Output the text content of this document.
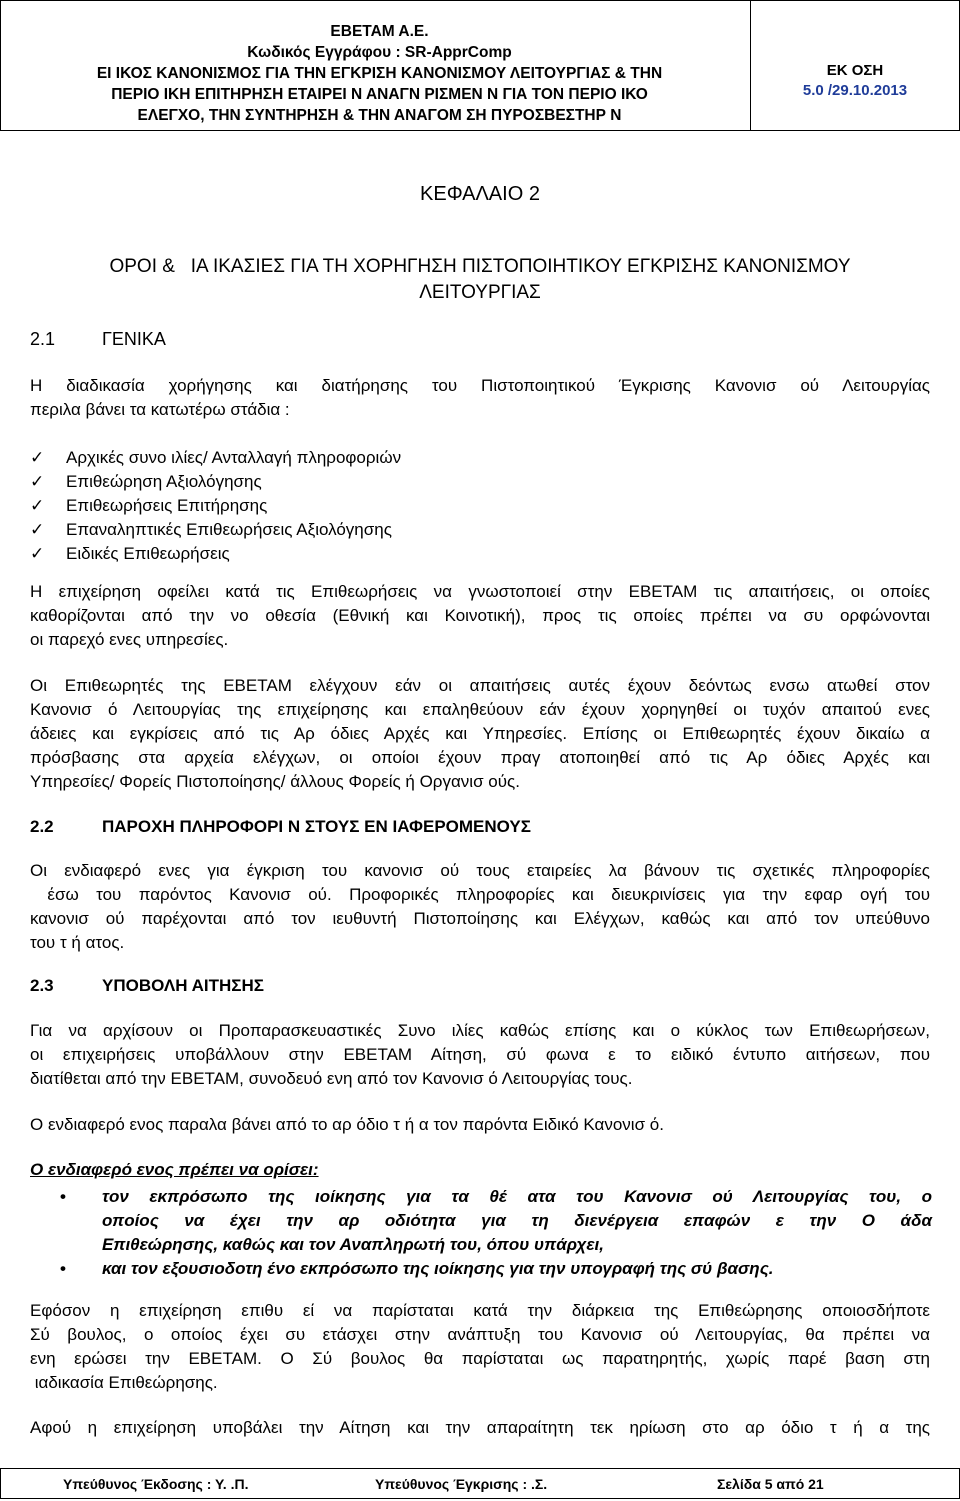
ΕΒΕΤΑΜ Α.Ε.
Κωδικός Εγγράφου : SR-ApprComp
ΕΙ ΙΚΟΣ ΚΑΝΟΝΙΣΜΟΣ ΓΙΑ ΤΗΝ ΕΓΚΡΙΣΗ ΚΑΝΟΝΙΣΜΟΥ ΛΕΙΤΟΥΡΓΙΑΣ & ΤΗΝ
ΠΕΡΙΟ ΙΚΗ ΕΠΙΤΗΡΗΣΗ ΕΤΑΙΡΕΙ Ν ΑΝΑΓΝ ΡΙΣΜΕΝ Ν ΓΙΑ ΤΟΝ ΠΕΡΙΟ ΙΚΟ
ΕΛΕΓΧΟ, ΤΗΝ ΣΥΝΤΗΡΗΣΗ & ΤΗΝ ΑΝΑΓΟΜ ΣΗ ΠΥΡΟΣΒΕΣΤΗΡ Ν
ΕΚ ΟΣΗ
5.0 /29.10.2013
ΚΕΦΑΛΑΙΟ 2
ΟΡΟΙ &   ΙΑ ΙΚΑΣΙΕΣ ΓΙΑ ΤΗ ΧΟΡΗΓΗΣΗ ΠΙΣΤΟΠΟΙΗΤΙΚΟΥ ΕΓΚΡΙΣΗΣ ΚΑΝΟΝΙΣΜΟΥ
ΛΕΙΤΟΥΡΓΙΑΣ
2.1	ΓΕΝΙΚΑ
Η διαδικασία χορήγησης και διατήρησης του Πιστοποιητικού Έγκρισης Κανονισ ού Λειτουργίας
περιλα βάνει τα κατωτέρω στάδια :
✓ Αρχικές συνο ιλίες/ Ανταλλαγή πληροφοριών
✓ Επιθεώρηση Αξιολόγησης
✓ Επιθεωρήσεις Επιτήρησης
✓ Επαναληπτικές Επιθεωρήσεις Αξιολόγησης
✓ Ειδικές Επιθεωρήσεις
Η επιχείρηση οφείλει κατά τις Επιθεωρήσεις να γνωστοποιεί στην ΕΒΕΤΑΜ τις απαιτήσεις, οι οποίες
καθορίζονται από την νο οθεσία (Εθνική και Κοινοτική), προς τις οποίες πρέπει να συ ορφώνονται
οι παρεχό ενες υπηρεσίες.
Οι Επιθεωρητές της ΕΒΕΤΑΜ ελέγχουν εάν οι απαιτήσεις αυτές έχουν δεόντως ενσω ατωθεί στον
Κανονισ ό Λειτουργίας της επιχείρησης και επαληθεύουν εάν έχουν χορηγηθεί οι τυχόν απαιτού ενες
άδειες και εγκρίσεις από τις Αρ όδιες Αρχές και Υπηρεσίες. Επίσης οι Επιθεωρητές έχουν δικαίω α
πρόσβασης στα αρχεία ελέγχων, οι οποίοι έχουν πραγ ατοποιηθεί από τις Αρ όδιες Αρχές και
Υπηρεσίες/ Φορείς Πιστοποίησης/ άλλους Φορείς ή Οργανισ ούς.
2.2	ΠΑΡΟΧΗ ΠΛΗΡΟΦΟΡΙ Ν ΣΤΟΥΣ ΕΝ ΙΑΦΕΡΟΜΕΝΟΥΣ
Οι ενδιαφερό ενες για έγκριση του κανονισ ού τους εταιρείες λα βάνουν τις σχετικές πληροφορίες
έσω του παρόντος Κανονισ ού. Προφορικές πληροφορίες και διευκρινίσεις για την εφαρ ογή του
κανονισ ού παρέχονται από τον ιευθυντή Πιστοποίησης και Ελέγχων, καθώς και από τον υπεύθυνο
του τ ή ατος.
2.3	ΥΠΟΒΟΛΗ ΑΙΤΗΣΗΣ
Για να αρχίσουν οι Προπαρασκευαστικές Συνο ιλίες καθώς επίσης και ο κύκλος των Επιθεωρήσεων,
οι επιχειρήσεις υποβάλλουν στην ΕΒΕΤΑΜ Αίτηση, σύ φωνα ε το ειδικό έντυπο αιτήσεων, που
διατίθεται από την ΕΒΕΤΑΜ, συνοδευό ενη από τον Κανονισ ό Λειτουργίας τους.
Ο ενδιαφερό ενος παραλα βάνει από το αρ όδιο τ ή α τον παρόντα Ειδικό Κανονισ ό.
Ο ενδιαφερό ενος πρέπει να ορίσει:
• τον εκπρόσωπο της ιοίκησης για τα θέ ατα του Κανονισ ού Λειτουργίας του, ο
οποίος να έχει την αρ οδιότητα για τη διενέργεια επαφών ε την Ο άδα
Επιθεώρησης, καθώς και τον Αναπληρωτή του, όπου υπάρχει,
• και τον εξουσιοδοτη ένο εκπρόσωπο της ιοίκησης για την υπογραφή της σύ βασης.
Εφόσον η επιχείρηση επιθυ εί να παρίσταται κατά την διάρκεια της Επιθεώρησης οποιοσδήποτε
Σύ βουλος, ο οποίος έχει συ ετάσχει στην ανάπτυξη του Κανονισ ού Λειτουργίας, θα πρέπει να
ενη ερώσει την ΕΒΕΤΑΜ. Ο Σύ βουλος θα παρίσταται ως παρατηρητής, χωρίς παρέ βαση στη
ιαδικασία Επιθεώρησης.
Αφού η επιχείρηση υποβάλει την Αίτηση και την απαραίτητη τεκ ηρίωση στο αρ όδιο τ ή α της
Υπεύθυνος Έκδοσης : Υ. .Π.	Υπεύθυνος Έγκρισης : .Σ.	Σελίδα 5 από 21
